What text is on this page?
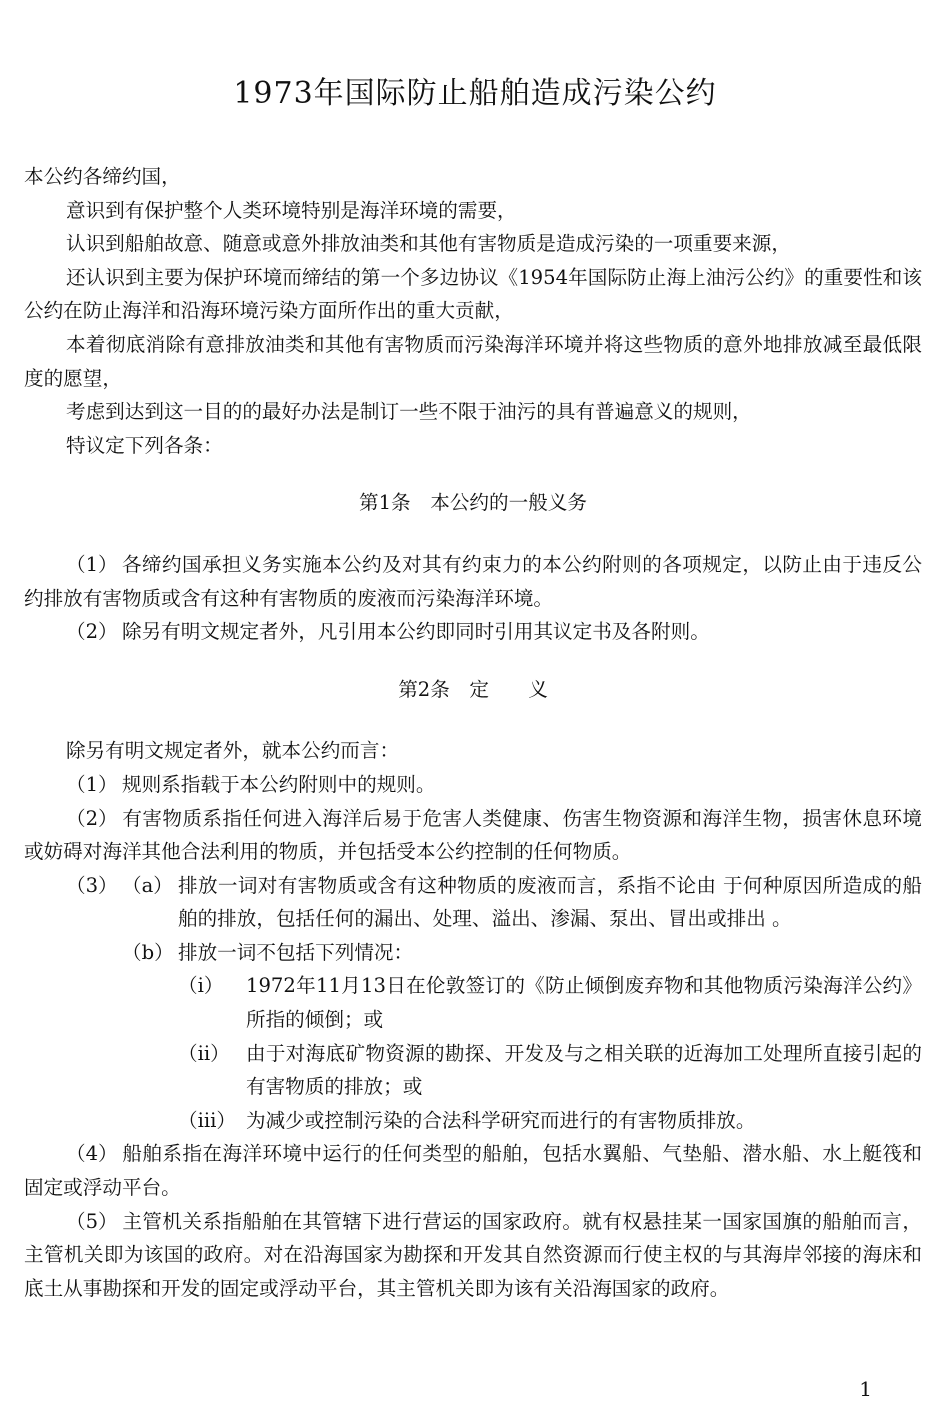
1973年国际防止船舶造成污染公约

本公约各缔约国，

意识到有保护整个人类环境特别是海洋环境的需要，

认识到船舶故意、随意或意外排放油类和其他有害物质是造成污染的一项重要来源，

还认识到主要为保护环境而缔结的第一个多边协议《1954年国际防止海上油污公约》的重要性和该公约在防止海洋和沿海环境污染方面所作出的重大贡献，

本着彻底消除有意排放油类和其他有害物质而污染海洋环境并将这些物质的意外地排放减至最低限度的愿望，

考虑到达到这一目的的最好办法是制订一些不限于油污的具有普遍意义的规则，

特议定下列各条：

第1条　本公约的一般义务

（1） 各缔约国承担义务实施本公约及对其有约束力的本公约附则的各项规定，以防止由于违反公约排放有害物质或含有这种有害物质的废液而污染海洋环境。
（2） 除另有明文规定者外，凡引用本公约即同时引用其议定书及各附则。

第2条　定　　义

除另有明文规定者外，就本公约而言：

（1） 规则系指载于本公约附则中的规则。

（2） 有害物质系指任何进入海洋后易于危害人类健康、伤害生物资源和海洋生物，损害休息环境或妨碍对海洋其他合法利用的物质，并包括受本公约控制的任何物质。

（3） （a） 排放一词对有害物质或含有这种物质的废液而言，系指不论由 于何种原因所造成的船舶的排放，包括任何的漏出、处理、溢出、渗漏、泵出、冒出或排出 。
（b） 排放一词不包括下列情况：
（ⅰ）	1972年11月13日在伦敦签订的《防止倾倒废弃物和其他物质污染海洋公约》所指的倾倒；或
（ⅱ） 由于对海底矿物资源的勘探、开发及与之相关联的近海加工处理所直接引起的有害物质的排放；或
（ⅲ） 为减少或控制污染的合法科学研究而进行的有害物质排放。

（4） 船舶系指在海洋环境中运行的任何类型的船舶，包括水翼船、气垫船、潜水船、水上艇筏和固定或浮动平台。

（5） 主管机关系指船舶在其管辖下进行营运的国家政府。就有权悬挂某一国家国旗的船舶而言，主管机关即为该国的政府。对在沿海国家为勘探和开发其自然资源而行使主权的与其海岸邻接的海床和底土从事勘探和开发的固定或浮动平台，其主管机关即为该有关沿海国家的政府。

1
